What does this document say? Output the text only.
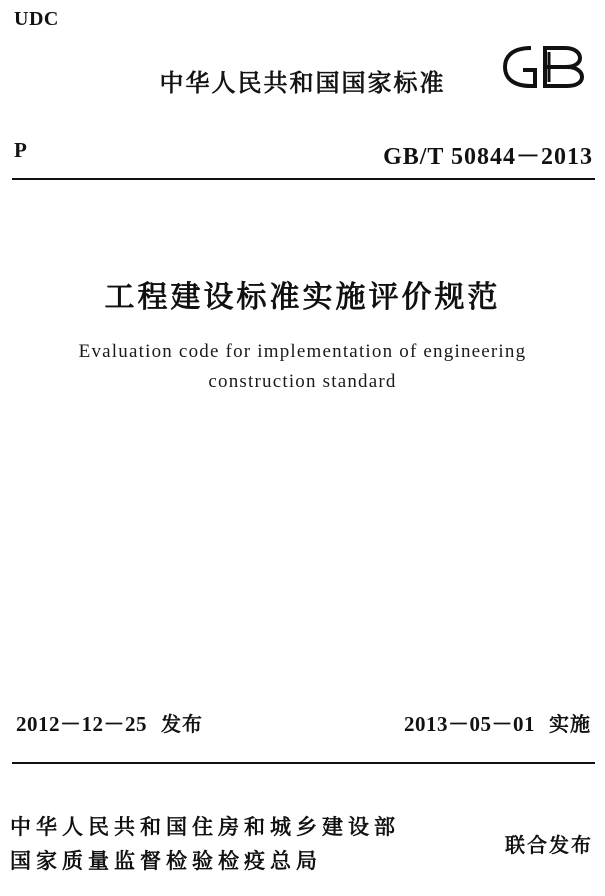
UDC
中华人民共和国国家标准
P	GB/T 50844－2013
工程建设标准实施评价规范
Evaluation code for implementation of engineering
construction standard
2012－12－25 发布	2013－05－01 实施
中华人民共和国住房和城乡建设部
国家质量监督检验检疫总局
联合发布
